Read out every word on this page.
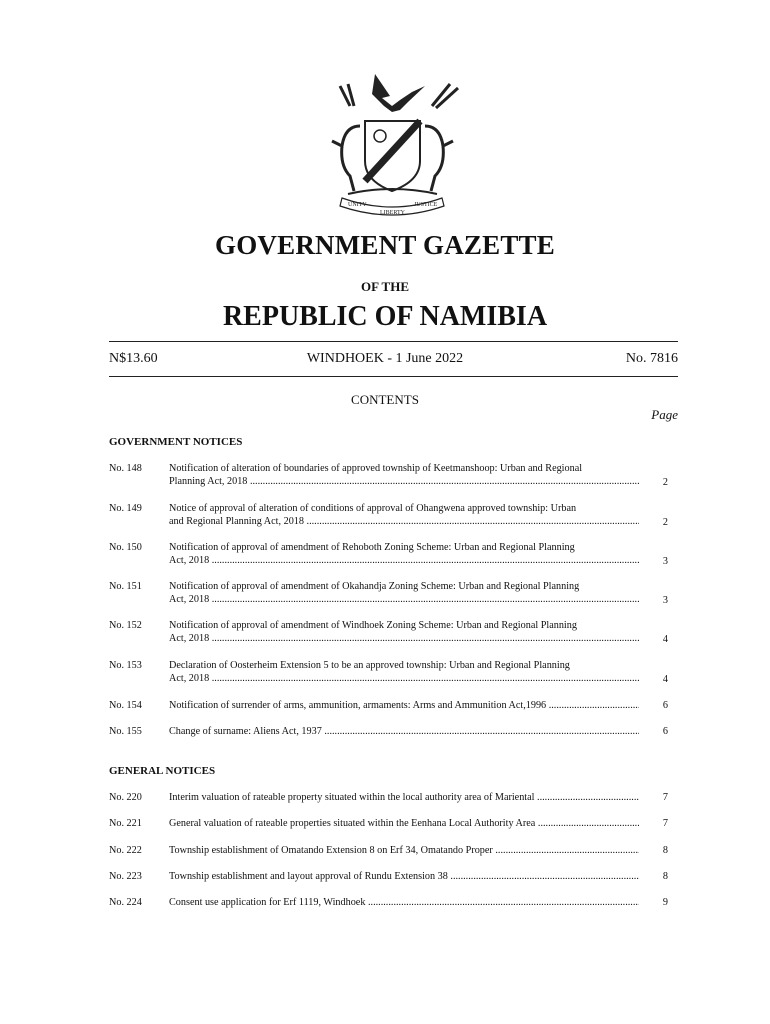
UNITY
LIBERTY
JUSTICE
GOVERNMENT GAZETTE
OF THE
REPUBLIC OF NAMIBIA
N$13.60	WINDHOEK - 1 June 2022	No. 7816
CONTENTS
Page
GOVERNMENT NOTICES
No. 148	Notification of alteration of boundaries of approved township of Keetmanshoop: Urban and Regional
Planning Act, 2018 .....	2
No. 149	Notice of approval of alteration of conditions of approval of Ohangwena approved township: Urban
and Regional Planning Act, 2018 .....	2
No. 150	Notification of approval of amendment of Rehoboth Zoning Scheme: Urban and Regional Planning
Act, 2018 .....	3
No. 151	Notification of approval of amendment of Okahandja Zoning Scheme: Urban and Regional Planning
Act, 2018 .....	3
No. 152	Notification of approval of amendment of Windhoek Zoning Scheme: Urban and Regional Planning
Act, 2018 .....	4
No. 153	Declaration of Oosterheim Extension 5 to be an approved township: Urban and Regional Planning
Act, 2018 .....	4
No. 154	Notification of surrender of arms, ammunition, armaments: Arms and Ammunition Act,1996 .....	6
No. 155	Change of surname: Aliens Act, 1937 .....	6
GENERAL NOTICES
No. 220	Interim valuation of rateable property situated within the local authority area of Mariental .....	7
No. 221	General valuation of rateable properties situated within the Eenhana Local Authority Area .....	7
No. 222	Township establishment of Omatando Extension 8 on Erf 34, Omatando Proper .....	8
No. 223	Township establishment and layout approval of Rundu Extension 38 .....	8
No. 224	Consent use application for Erf 1119, Windhoek .....	9
